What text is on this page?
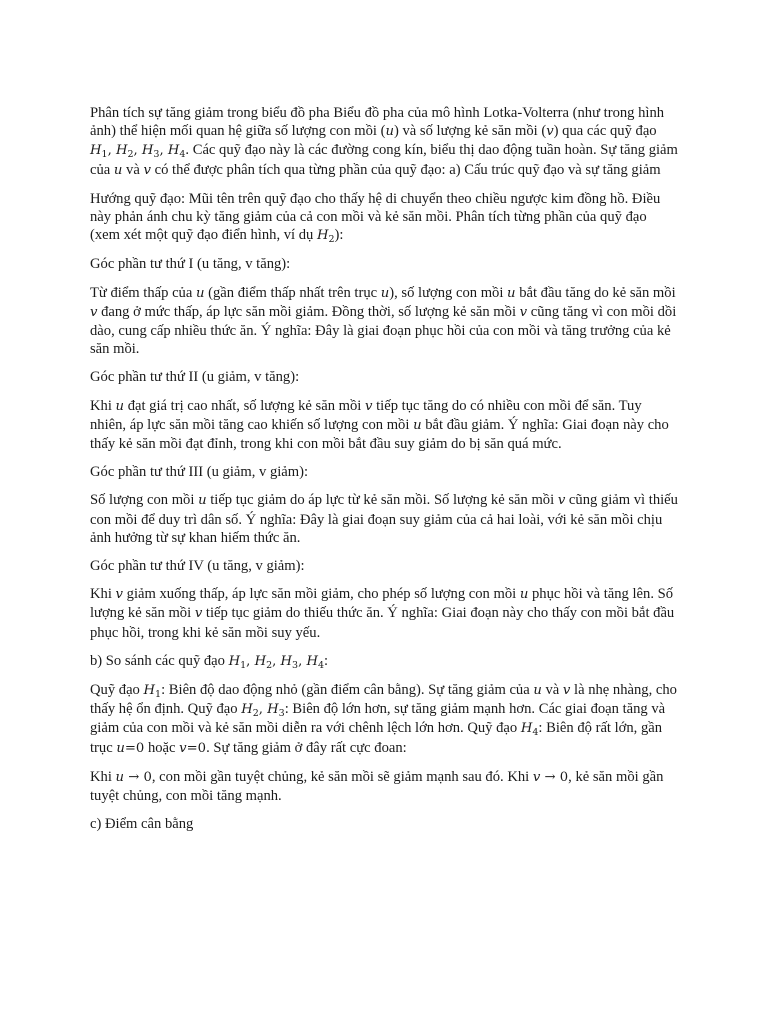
Phân tích sự tăng giảm trong biểu đồ pha Biểu đồ pha của mô hình Lotka-Volterra (như trong hình ảnh) thể hiện mối quan hệ giữa số lượng con mồi (u) và số lượng kẻ săn mồi (v) qua các quỹ đạo $H_1$, $H_2$, $H_3$, $H_4$. Các quỹ đạo này là các đường cong kín, biểu thị dao động tuần hoàn. Sự tăng giảm của u và v có thể được phân tích qua từng phần của quỹ đạo: a) Cấu trúc quỹ đạo và sự tăng giảm

Hướng quỹ đạo: Mũi tên trên quỹ đạo cho thấy hệ di chuyển theo chiều ngược kim đồng hồ. Điều này phản ánh chu kỳ tăng giảm của cả con mồi và kẻ săn mồi. Phân tích từng phần của quỹ đạo (xem xét một quỹ đạo điển hình, ví dụ $H_2$):

Góc phần tư thứ I (u tăng, v tăng):

Từ điểm thấp của u (gần điểm thấp nhất trên trục u), số lượng con mồi u bắt đầu tăng do kẻ săn mồi v đang ở mức thấp, áp lực săn mồi giảm. Đồng thời, số lượng kẻ săn mồi v cũng tăng vì con mồi dồi dào, cung cấp nhiều thức ăn. Ý nghĩa: Đây là giai đoạn phục hồi của con mồi và tăng trưởng của kẻ săn mồi.

Góc phần tư thứ II (u giảm, v tăng):

Khi u đạt giá trị cao nhất, số lượng kẻ săn mồi v tiếp tục tăng do có nhiều con mồi để săn. Tuy nhiên, áp lực săn mồi tăng cao khiến số lượng con mồi u bắt đầu giảm. Ý nghĩa: Giai đoạn này cho thấy kẻ săn mồi đạt đỉnh, trong khi con mồi bắt đầu suy giảm do bị săn quá mức.

Góc phần tư thứ III (u giảm, v giảm):

Số lượng con mồi u tiếp tục giảm do áp lực từ kẻ săn mồi. Số lượng kẻ săn mồi v cũng giảm vì thiếu con mồi để duy trì dân số. Ý nghĩa: Đây là giai đoạn suy giảm của cả hai loài, với kẻ săn mồi chịu ảnh hưởng từ sự khan hiếm thức ăn.

Góc phần tư thứ IV (u tăng, v giảm):

Khi v giảm xuống thấp, áp lực săn mồi giảm, cho phép số lượng con mồi u phục hồi và tăng lên. Số lượng kẻ săn mồi v tiếp tục giảm do thiếu thức ăn. Ý nghĩa: Giai đoạn này cho thấy con mồi bắt đầu phục hồi, trong khi kẻ săn mồi suy yếu.

b) So sánh các quỹ đạo $H_1$, $H_2$, $H_3$, $H_4$:

Quỹ đạo $H_1$: Biên độ dao động nhỏ (gần điểm cân bằng). Sự tăng giảm của u và v là nhẹ nhàng, cho thấy hệ ổn định. Quỹ đạo $H_2$, $H_3$: Biên độ lớn hơn, sự tăng giảm mạnh hơn. Các giai đoạn tăng và giảm của con mồi và kẻ săn mồi diễn ra với chênh lệch lớn hơn. Quỹ đạo $H_4$: Biên độ rất lớn, gần trục u=0 hoặc v=0. Sự tăng giảm ở đây rất cực đoan:

Khi u → 0, con mồi gần tuyệt chủng, kẻ săn mồi sẽ giảm mạnh sau đó. Khi v → 0, kẻ săn mồi gần tuyệt chủng, con mồi tăng mạnh.

c) Điểm cân bằng
